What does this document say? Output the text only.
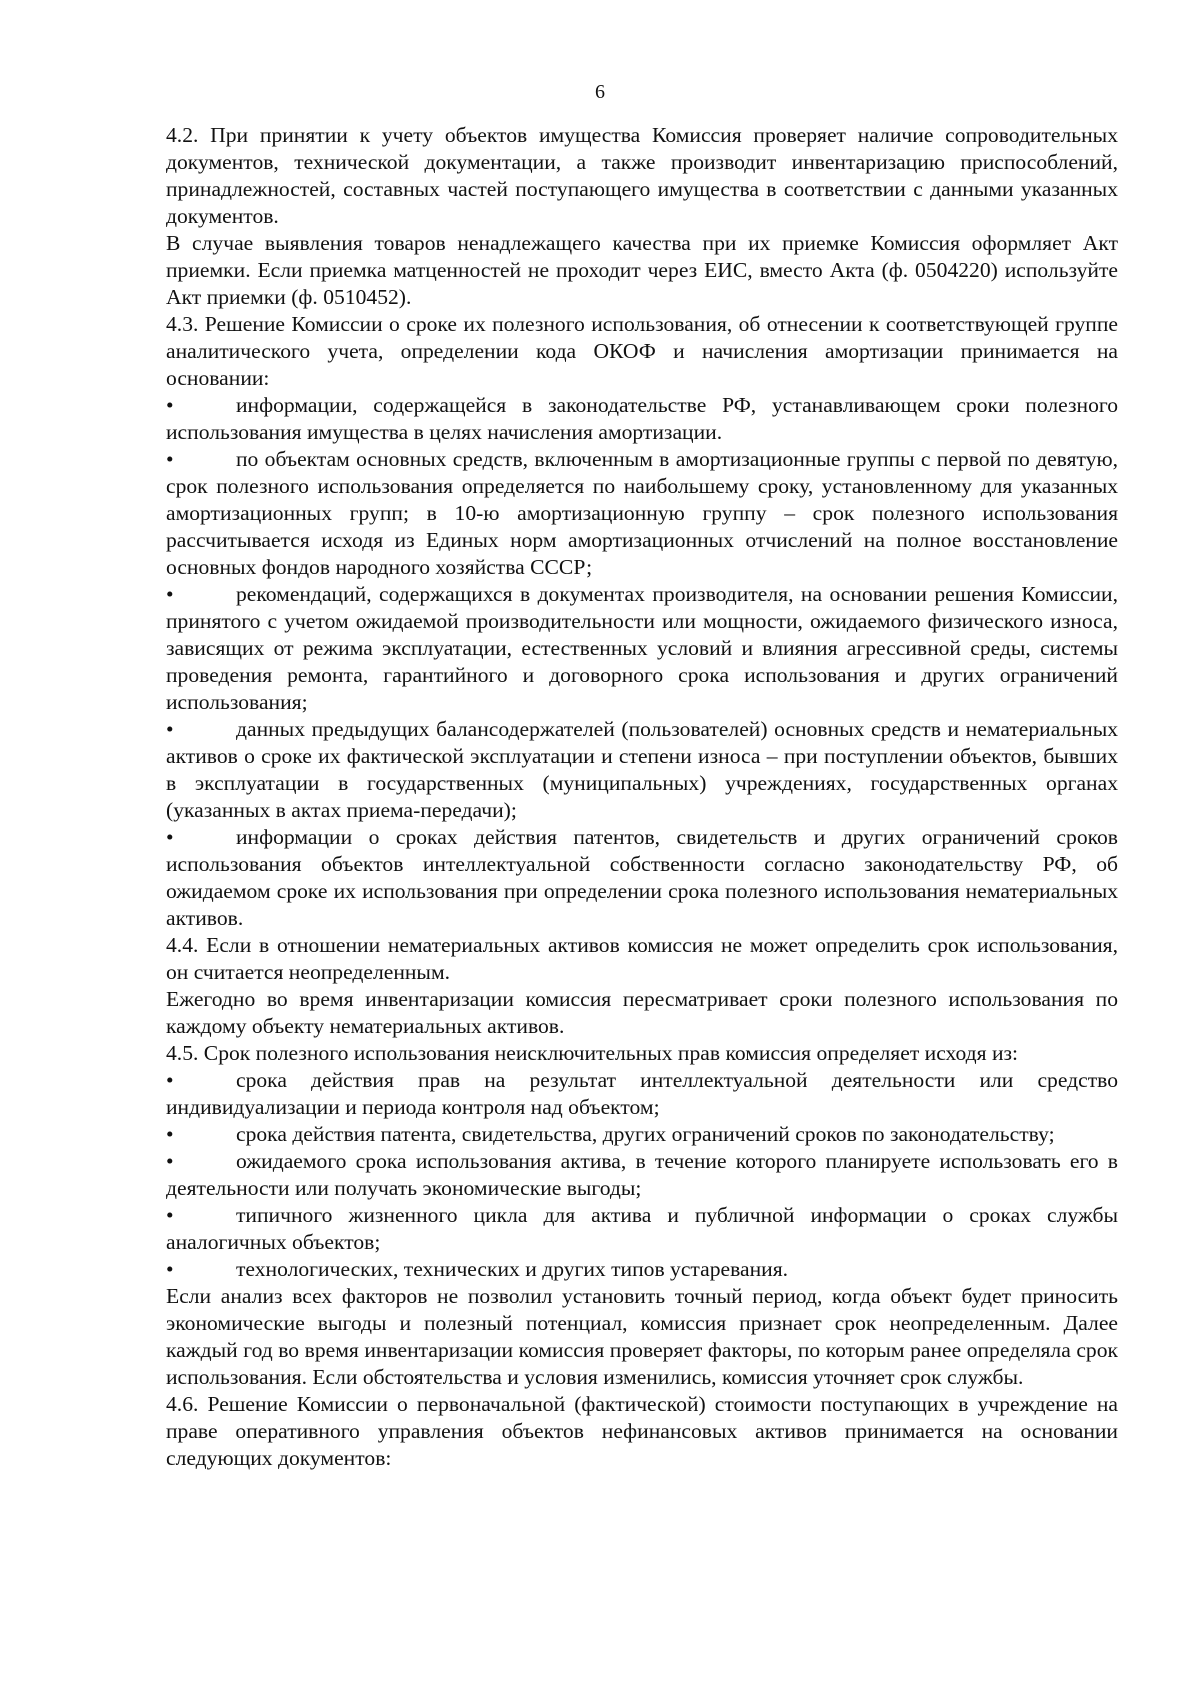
6
4.2. При принятии к учету объектов имущества Комиссия проверяет наличие сопроводительных документов, технической документации, а также производит инвентаризацию приспособлений, принадлежностей, составных частей поступающего имущества в соответствии с данными указанных документов.
В случае выявления товаров ненадлежащего качества при их приемке Комиссия оформляет Акт приемки. Если приемка матценностей не проходит через ЕИС, вместо Акта (ф. 0504220) используйте Акт приемки (ф. 0510452).
4.3. Решение Комиссии о сроке их полезного использования, об отнесении к соответствующей группе аналитического учета, определении кода ОКОФ и начисления амортизации принимается на основании:
•	информации, содержащейся в законодательстве РФ, устанавливающем сроки полезного использования имущества в целях начисления амортизации.
•	по объектам основных средств, включенным в амортизационные группы с первой по девятую, срок полезного использования определяется по наибольшему сроку, установленному для указанных амортизационных групп; в 10-ю амортизационную группу – срок полезного использования рассчитывается исходя из Единых норм амортизационных отчислений на полное восстановление основных фондов народного хозяйства СССР;
•	рекомендаций, содержащихся в документах производителя, на основании решения Комиссии, принятого с учетом ожидаемой производительности или мощности, ожидаемого физического износа, зависящих от режима эксплуатации, естественных условий и влияния агрессивной среды, системы проведения ремонта, гарантийного и договорного срока использования и других ограничений использования;
•	данных предыдущих балансодержателей (пользователей) основных средств и нематериальных активов о сроке их фактической эксплуатации и степени износа – при поступлении объектов, бывших в эксплуатации в государственных (муниципальных) учреждениях, государственных органах (указанных в актах приема-передачи);
•	информации о сроках действия патентов, свидетельств и других ограничений сроков использования объектов интеллектуальной собственности согласно законодательству РФ, об ожидаемом сроке их использования при определении срока полезного использования нематериальных активов.
4.4. Если в отношении нематериальных активов комиссия не может определить срок использования, он считается неопределенным.
Ежегодно во время инвентаризации комиссия пересматривает сроки полезного использования по каждому объекту нематериальных активов.
4.5. Срок полезного использования неисключительных прав комиссия определяет исходя из:
•	срока действия прав на результат интеллектуальной деятельности или средство индивидуализации и периода контроля над объектом;
•	срока действия патента, свидетельства, других ограничений сроков по законодательству;
•	ожидаемого срока использования актива, в течение которого планируете использовать его в деятельности или получать экономические выгоды;
•	типичного жизненного цикла для актива и публичной информации о сроках службы аналогичных объектов;
•	технологических, технических и других типов устаревания.
Если анализ всех факторов не позволил установить точный период, когда объект будет приносить экономические выгоды и полезный потенциал, комиссия признает срок неопределенным. Далее каждый год во время инвентаризации комиссия проверяет факторы, по которым ранее определяла срок использования. Если обстоятельства и условия изменились, комиссия уточняет срок службы.
4.6. Решение Комиссии о первоначальной (фактической) стоимости поступающих в учреждение на праве оперативного управления объектов нефинансовых активов принимается на основании следующих документов:
